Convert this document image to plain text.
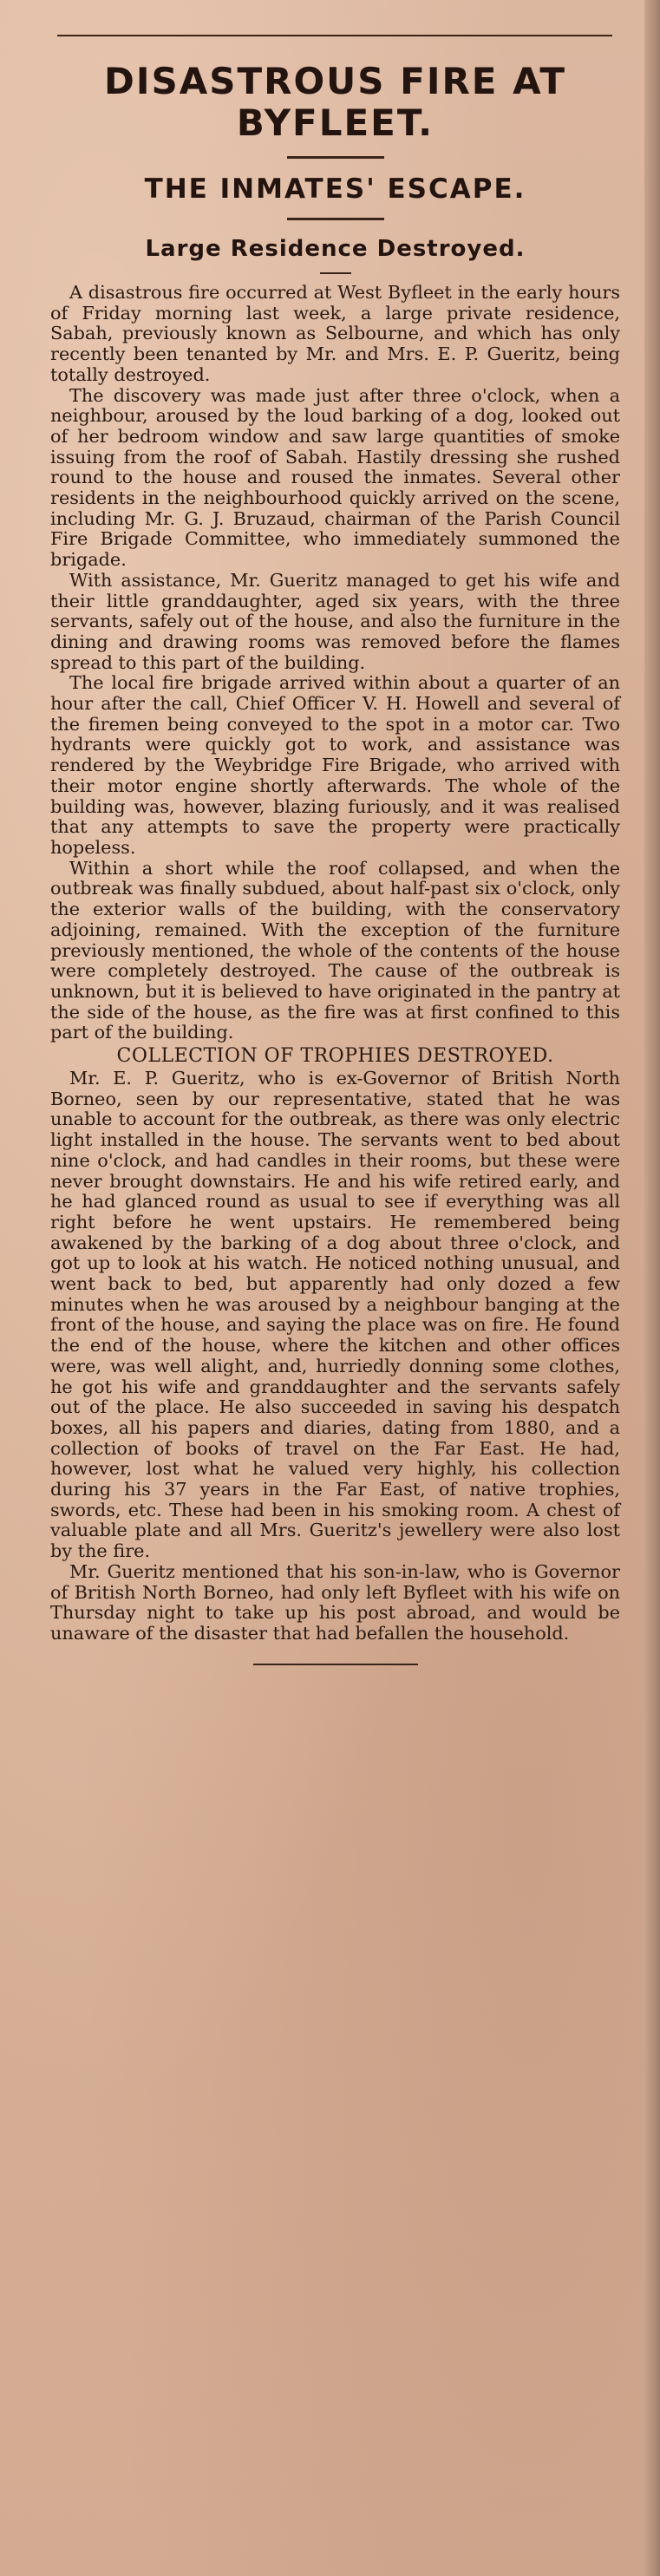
DISASTROUS FIRE AT BYFLEET.
THE INMATES' ESCAPE.
Large Residence Destroyed.

A disastrous fire occurred at West Byfleet in the early hours of Friday morning last week, a large private residence, Sabah, previously known as Selbourne, and which has only recently been tenanted by Mr. and Mrs. E. P. Gueritz, being totally destroyed.

The discovery was made just after three o'clock, when a neighbour, aroused by the loud barking of a dog, looked out of her bedroom window and saw large quantities of smoke issuing from the roof of Sabah. Hastily dressing she rushed round to the house and roused the inmates. Several other residents in the neighbourhood quickly arrived on the scene, including Mr. G. J. Bruzaud, chairman of the Parish Council Fire Brigade Committee, who immediately summoned the brigade.

With assistance, Mr. Gueritz managed to get his wife and their little granddaughter, aged six years, with the three servants, safely out of the house, and also the furniture in the dining and drawing rooms was removed before the flames spread to this part of the building.

The local fire brigade arrived within about a quarter of an hour after the call, Chief Officer V. H. Howell and several of the firemen being conveyed to the spot in a motor car. Two hydrants were quickly got to work, and assistance was rendered by the Weybridge Fire Brigade, who arrived with their motor engine shortly afterwards. The whole of the building was, however, blazing furiously, and it was realised that any attempts to save the property were practically hopeless.

Within a short while the roof collapsed, and when the outbreak was finally subdued, about half-past six o'clock, only the exterior walls of the building, with the conservatory adjoining, remained. With the exception of the furniture previously mentioned, the whole of the contents of the house were completely destroyed. The cause of the outbreak is unknown, but it is believed to have originated in the pantry at the side of the house, as the fire was at first confined to this part of the building.

COLLECTION OF TROPHIES DESTROYED.

Mr. E. P. Gueritz, who is ex-Governor of British North Borneo, seen by our representative, stated that he was unable to account for the outbreak, as there was only electric light installed in the house. The servants went to bed about nine o'clock, and had candles in their rooms, but these were never brought downstairs. He and his wife retired early, and he had glanced round as usual to see if everything was all right before he went upstairs. He remembered being awakened by the barking of a dog about three o'clock, and got up to look at his watch. He noticed nothing unusual, and went back to bed, but apparently had only dozed a few minutes when he was aroused by a neighbour banging at the front of the house, and saying the place was on fire. He found the end of the house, where the kitchen and other offices were, was well alight, and, hurriedly donning some clothes, he got his wife and granddaughter and the servants safely out of the place. He also succeeded in saving his despatch boxes, all his papers and diaries, dating from 1880, and a collection of books of travel on the Far East. He had, however, lost what he valued very highly, his collection during his 37 years in the Far East, of native trophies, swords, etc. These had been in his smoking room. A chest of valuable plate and all Mrs. Gueritz's jewellery were also lost by the fire.

Mr. Gueritz mentioned that his son-in-law, who is Governor of British North Borneo, had only left Byfleet with his wife on Thursday night to take up his post abroad, and would be unaware of the disaster that had befallen the household.
